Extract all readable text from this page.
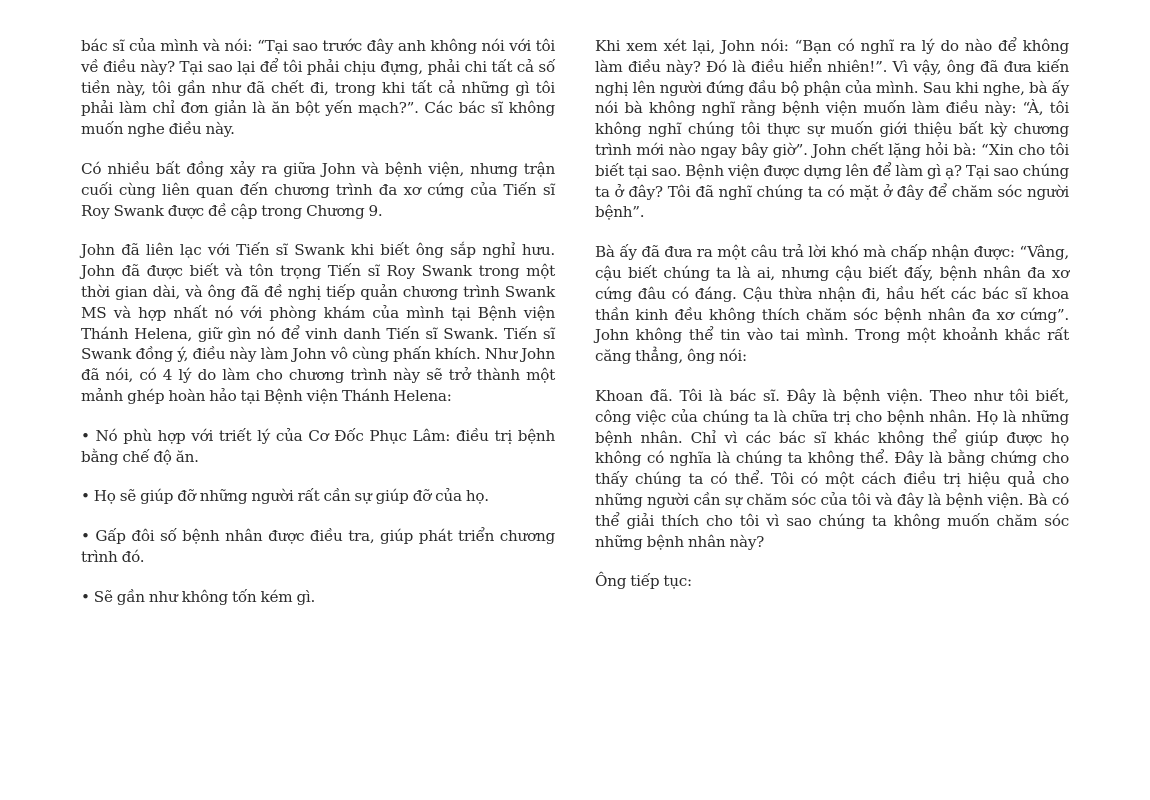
bác sĩ của mình và nói: “Tại sao trước đây anh không nói với tôi về điều này? Tại sao lại để tôi phải chịu đựng, phải chi tất cả số tiền này, tôi gần như đã chết đi, trong khi tất cả những gì tôi phải làm chỉ đơn giản là ăn bột yến mạch?”. Các bác sĩ không muốn nghe điều này.

Có nhiều bất đồng xảy ra giữa John và bệnh viện, nhưng trận cuối cùng liên quan đến chương trình đa xơ cứng của Tiến sĩ Roy Swank được đề cập trong Chương 9.

John đã liên lạc với Tiến sĩ Swank khi biết ông sắp nghỉ hưu. John đã được biết và tôn trọng Tiến sĩ Roy Swank trong một thời gian dài, và ông đã đề nghị tiếp quản chương trình Swank MS và hợp nhất nó với phòng khám của mình tại Bệnh viện Thánh Helena, giữ gìn nó để vinh danh Tiến sĩ Swank. Tiến sĩ Swank đồng ý, điều này làm John vô cùng phấn khích. Như John đã nói, có 4 lý do làm cho chương trình này sẽ trở thành một mảnh ghép hoàn hảo tại Bệnh viện Thánh Helena:

• Nó phù hợp với triết lý của Cơ Đốc Phục Lâm: điều trị bệnh bằng chế độ ăn.

• Họ sẽ giúp đỡ những người rất cần sự giúp đỡ của họ.

• Gấp đôi số bệnh nhân được điều tra, giúp phát triển chương trình đó.

• Sẽ gần như không tốn kém gì.

Khi xem xét lại, John nói: “Bạn có nghĩ ra lý do nào để không làm điều này? Đó là điều hiển nhiên!”. Vì vậy, ông đã đưa kiến nghị lên người đứng đầu bộ phận của mình. Sau khi nghe, bà ấy nói bà không nghĩ rằng bệnh viện muốn làm điều này: “À, tôi không nghĩ chúng tôi thực sự muốn giới thiệu bất kỳ chương trình mới nào ngay bây giờ”. John chết lặng hỏi bà: “Xin cho tôi biết tại sao. Bệnh viện được dựng lên để làm gì ạ? Tại sao chúng ta ở đây? Tôi đã nghĩ chúng ta có mặt ở đây để chăm sóc người bệnh”.

Bà ấy đã đưa ra một câu trả lời khó mà chấp nhận được: “Vâng, cậu biết chúng ta là ai, nhưng cậu biết đấy, bệnh nhân đa xơ cứng đâu có đáng. Cậu thừa nhận đi, hầu hết các bác sĩ khoa thần kinh đều không thích chăm sóc bệnh nhân đa xơ cứng”. John không thể tin vào tai mình. Trong một khoảnh khắc rất căng thẳng, ông nói:

Khoan đã. Tôi là bác sĩ. Đây là bệnh viện. Theo như tôi biết, công việc của chúng ta là chữa trị cho bệnh nhân. Họ là những bệnh nhân. Chỉ vì các bác sĩ khác không thể giúp được họ không có nghĩa là chúng ta không thể. Đây là bằng chứng cho thấy chúng ta có thể. Tôi có một cách điều trị hiệu quả cho những người cần sự chăm sóc của tôi và đây là bệnh viện. Bà có thể giải thích cho tôi vì sao chúng ta không muốn chăm sóc những bệnh nhân này?

Ông tiếp tục:
